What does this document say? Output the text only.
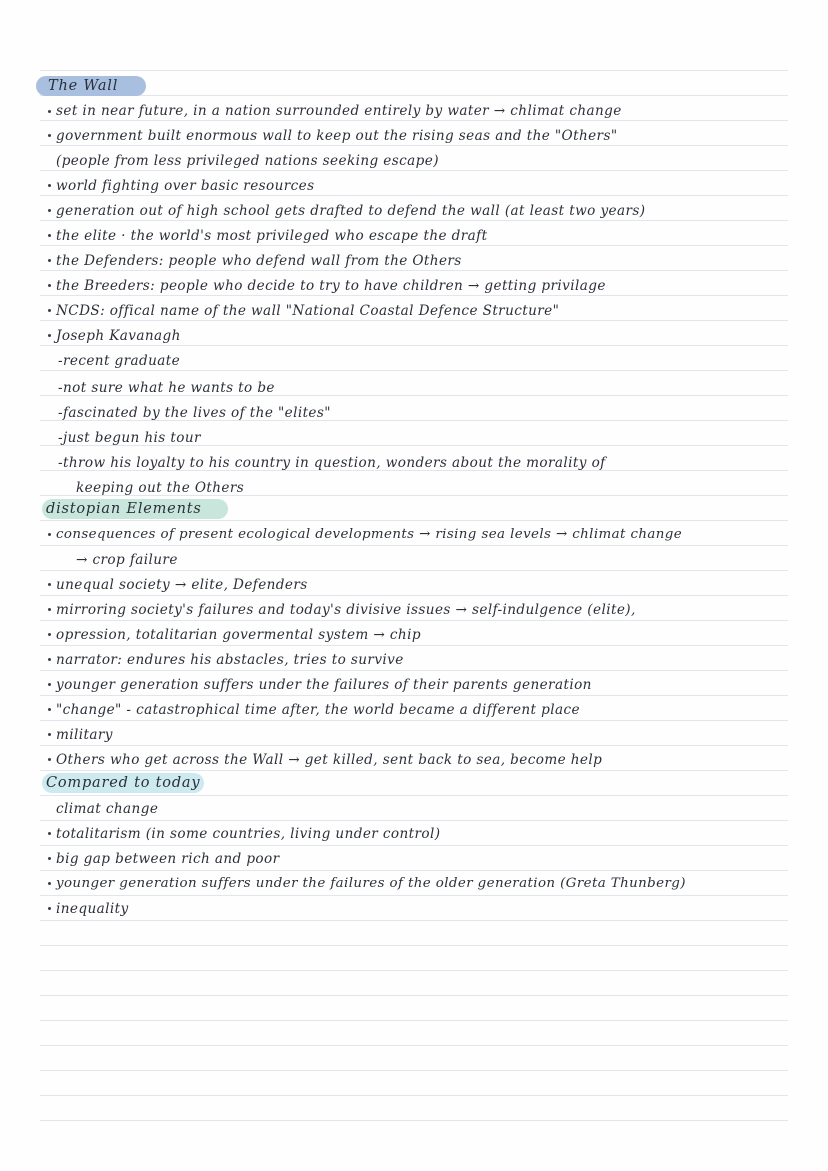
The Wall
set in near future, in a nation surrounded entirely by water → chlimat change
government built enormous wall to keep out the rising seas and the "Others"
(people from less privileged nations seeking escape)
world fighting over basic resources
generation out of high school gets drafted to defend the wall (at least two years)
the elite · the world's most privileged who escape the draft
the Defenders: people who defend wall from the Others
the Breeders: people who decide to try to have children → getting privilage
NCDS: offical name of the wall "National Coastal Defence Structure"
Joseph Kavanagh
-recent graduate
-not sure what he wants to be
-fascinated by the lives of the "elites"
-just begun his tour
-throw his loyalty to his country in question, wonders about the morality of
keeping out the Others
distopian Elements
consequences of present ecological developments → rising sea levels → chlimat change
→ crop failure
unequal society → elite, Defenders
mirroring society's failures and today's divisive issues → self-indulgence (elite),
opression, totalitarian govermental system → chip
narrator: endures his abstacles, tries to survive
younger generation suffers under the failures of their parents generation
"change" - catastrophical time after, the world became a different place
military
Others who get across the Wall → get killed, sent back to sea, become help
Compared to today
climat change
totalitarism (in some countries, living under control)
big gap between rich and poor
younger generation suffers under the failures of the older generation (Greta Thunberg)
inequality
